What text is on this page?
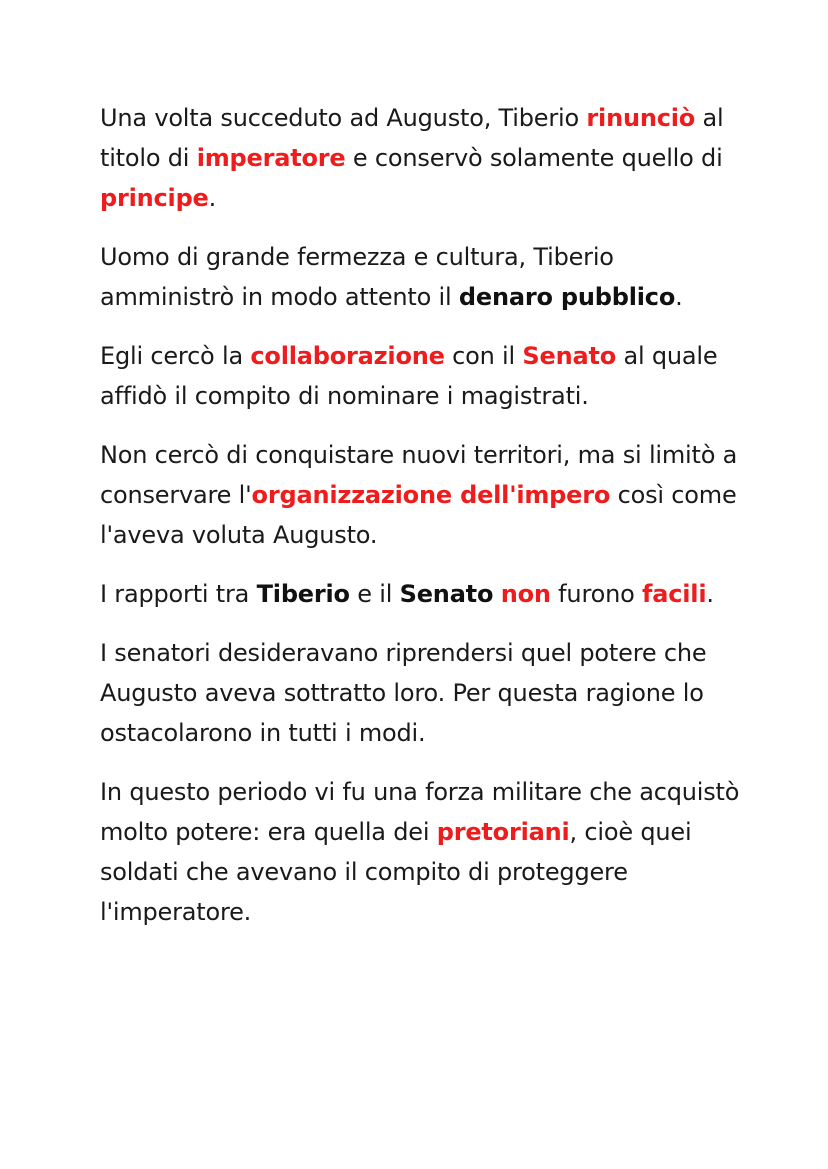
Una volta succeduto ad Augusto, Tiberio rinunciò al titolo di imperatore e conservò solamente quello di principe.

Uomo di grande fermezza e cultura, Tiberio amministrò in modo attento il denaro pubblico.

Egli cercò la collaborazione con il Senato al quale affidò il compito di nominare i magistrati.

Non cercò di conquistare nuovi territori, ma si limitò a conservare l'organizzazione dell'impero così come l'aveva voluta Augusto.

I rapporti tra Tiberio e il Senato non furono facili.

I senatori desideravano riprendersi quel potere che Augusto aveva sottratto loro. Per questa ragione lo ostacolarono in tutti i modi.

In questo periodo vi fu una forza militare che acquistò molto potere: era quella dei pretoriani, cioè quei soldati che avevano il compito di proteggere l'imperatore.
